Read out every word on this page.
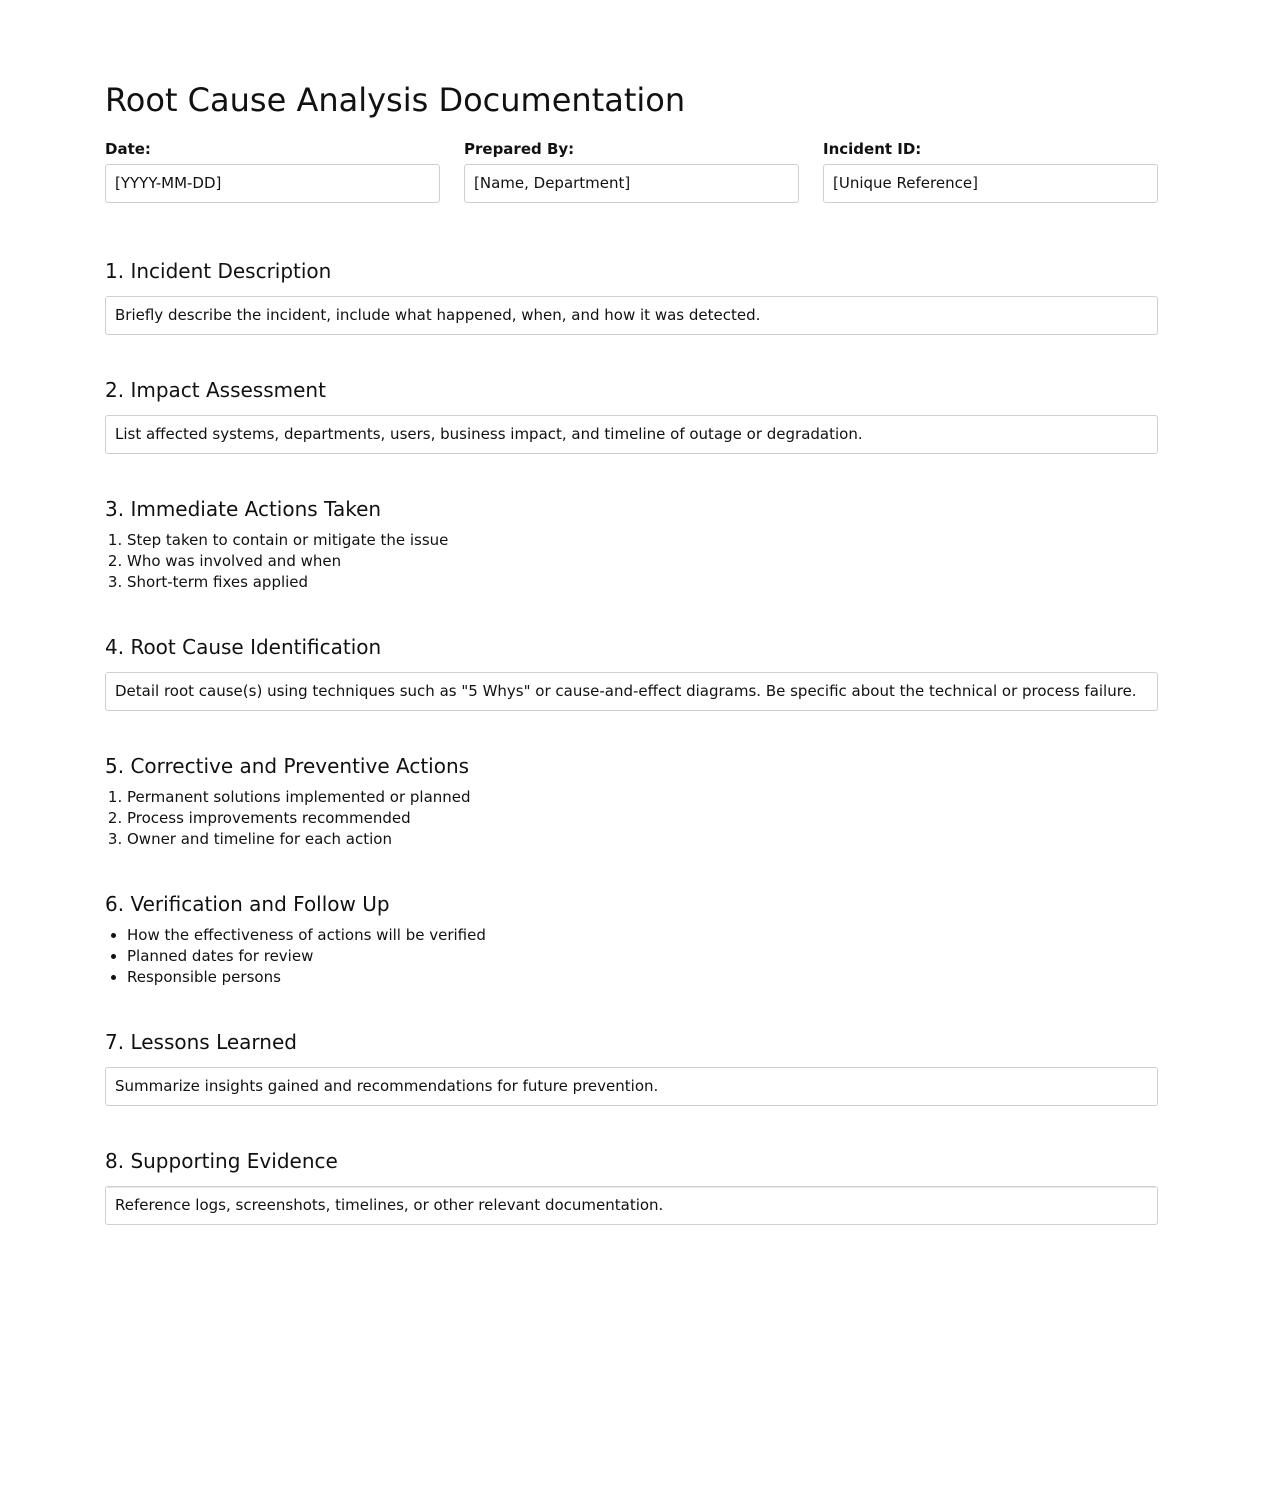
Root Cause Analysis Documentation
Date:
[YYYY-MM-DD]
Prepared By:
[Name, Department]
Incident ID:
[Unique Reference]
1. Incident Description
Briefly describe the incident, include what happened, when, and how it was detected.
2. Impact Assessment
List affected systems, departments, users, business impact, and timeline of outage or degradation.
3. Immediate Actions Taken
1. Step taken to contain or mitigate the issue
2. Who was involved and when
3. Short-term fixes applied
4. Root Cause Identification
Detail root cause(s) using techniques such as "5 Whys" or cause-and-effect diagrams. Be specific about the technical or process failure.
5. Corrective and Preventive Actions
1. Permanent solutions implemented or planned
2. Process improvements recommended
3. Owner and timeline for each action
6. Verification and Follow Up
• How the effectiveness of actions will be verified
• Planned dates for review
• Responsible persons
7. Lessons Learned
Summarize insights gained and recommendations for future prevention.
8. Supporting Evidence
Reference logs, screenshots, timelines, or other relevant documentation.
